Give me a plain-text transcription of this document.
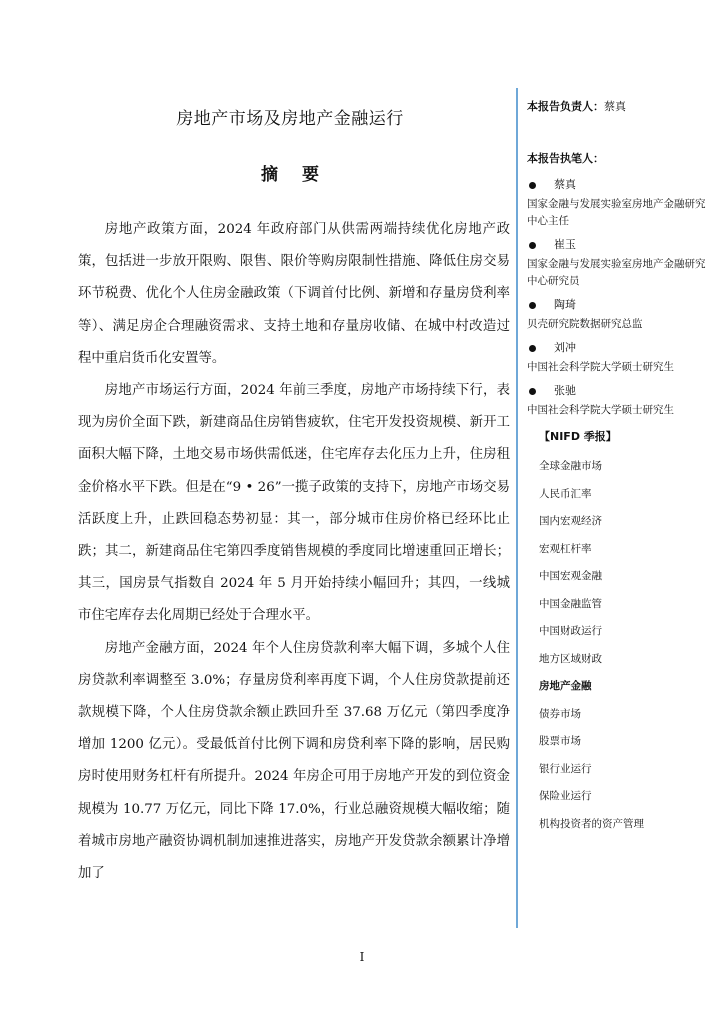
房地产市场及房地产金融运行
摘要

房地产政策方面，2024 年政府部门从供需两端持续优化房地产政策，包括进一步放开限购、限售、限价等购房限制性措施、降低住房交易环节税费、优化个人住房金融政策（下调首付比例、新增和存量房贷利率等）、满足房企合理融资需求、支持土地和存量房收储、在城中村改造过程中重启货币化安置等。

房地产市场运行方面，2024 年前三季度，房地产市场持续下行，表现为房价全面下跌，新建商品住房销售疲软，住宅开发投资规模、新开工面积大幅下降，土地交易市场供需低迷，住宅库存去化压力上升，住房租金价格水平下跌。但是在“9 • 26”一揽子政策的支持下，房地产市场交易活跃度上升，止跌回稳态势初显：其一，部分城市住房价格已经环比止跌；其二，新建商品住宅第四季度销售规模的季度同比增速重回正增长；其三，国房景气指数自 2024 年 5 月开始持续小幅回升；其四，一线城市住宅库存去化周期已经处于合理水平。

房地产金融方面，2024 年个人住房贷款利率大幅下调，多城个人住房贷款利率调整至 3.0%；存量房贷利率再度下调，个人住房贷款提前还款规模下降，个人住房贷款余额止跌回升至 37.68 万亿元（第四季度净增加 1200 亿元）。受最低首付比例下调和房贷利率下降的影响，居民购房时使用财务杠杆有所提升。2024 年房企可用于房地产开发的到位资金规模为 10.77 万亿元，同比下降 17.0%，行业总融资规模大幅收缩；随着城市房地产融资协调机制加速推进落实，房地产开发贷款余额累计净增加了

I
本报告负责人：蔡真
本报告执笔人：
蔡真
国家金融与发展实验室房地产金融研究中心主任
崔玉
国家金融与发展实验室房地产金融研究中心研究员
陶琦
贝壳研究院数据研究总监
刘冲
中国社会科学院大学硕士研究生
张驰
中国社会科学院大学硕士研究生
【NIFD 季报】
全球金融市场
人民币汇率
国内宏观经济
宏观杠杆率
中国宏观金融
中国金融监管
中国财政运行
地方区域财政
房地产金融
债券市场
股票市场
银行业运行
保险业运行
机构投资者的资产管理
